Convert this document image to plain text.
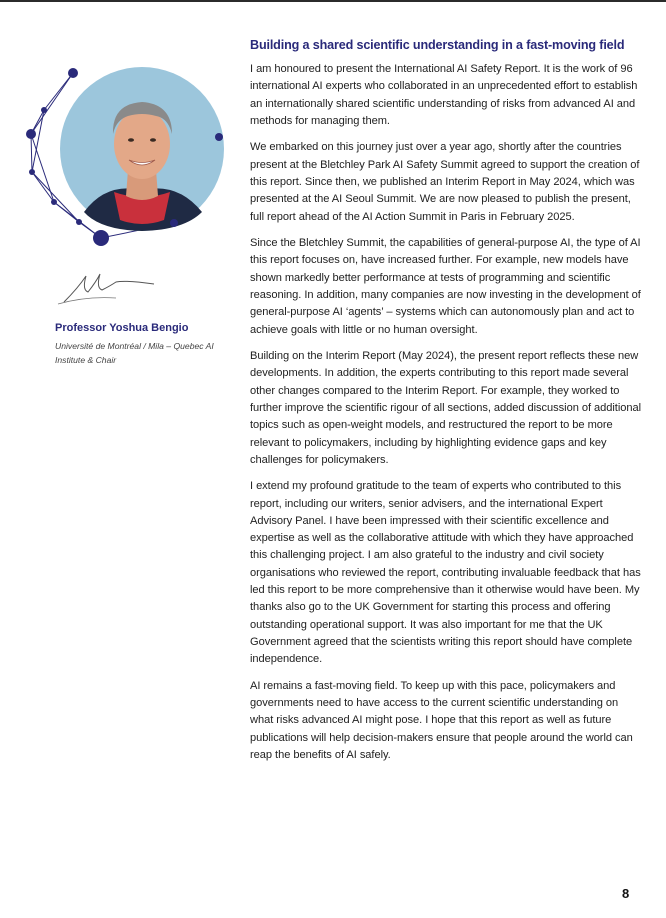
Professor Yoshua Bengio
Université de Montréal / Mila – Quebec AI Institute & Chair
Building a shared scientific understanding in a fast-moving field

I am honoured to present the International AI Safety Report. It is the work of 96 international AI experts who collaborated in an unprecedented effort to establish an internationally shared scientific understanding of risks from advanced AI and methods for managing them.

We embarked on this journey just over a year ago, shortly after the countries present at the Bletchley Park AI Safety Summit agreed to support the creation of this report. Since then, we published an Interim Report in May 2024, which was presented at the AI Seoul Summit. We are now pleased to publish the present, full report ahead of the AI Action Summit in Paris in February 2025.

Since the Bletchley Summit, the capabilities of general-purpose AI, the type of AI this report focuses on, have increased further. For example, new models have shown markedly better performance at tests of programming and scientific reasoning. In addition, many companies are now investing in the development of general-purpose AI ‘agents’ – systems which can autonomously plan and act to achieve goals with little or no human oversight.

Building on the Interim Report (May 2024), the present report reflects these new developments. In addition, the experts contributing to this report made several other changes compared to the Interim Report. For example, they worked to further improve the scientific rigour of all sections, added discussion of additional topics such as open-weight models, and restructured the report to be more relevant to policymakers, including by highlighting evidence gaps and key challenges for policymakers.

I extend my profound gratitude to the team of experts who contributed to this report, including our writers, senior advisers, and the international Expert Advisory Panel. I have been impressed with their scientific excellence and expertise as well as the collaborative attitude with which they have approached this challenging project. I am also grateful to the industry and civil society organisations who reviewed the report, contributing invaluable feedback that has led this report to be more comprehensive than it otherwise would have been. My thanks also go to the UK Government for starting this process and offering outstanding operational support. It was also important for me that the UK Government agreed that the scientists writing this report should have complete independence.

AI remains a fast-moving field. To keep up with this pace, policymakers and governments need to have access to the current scientific understanding on what risks advanced AI might pose. I hope that this report as well as future publications will help decision-makers ensure that people around the world can reap the benefits of AI safely.

8
